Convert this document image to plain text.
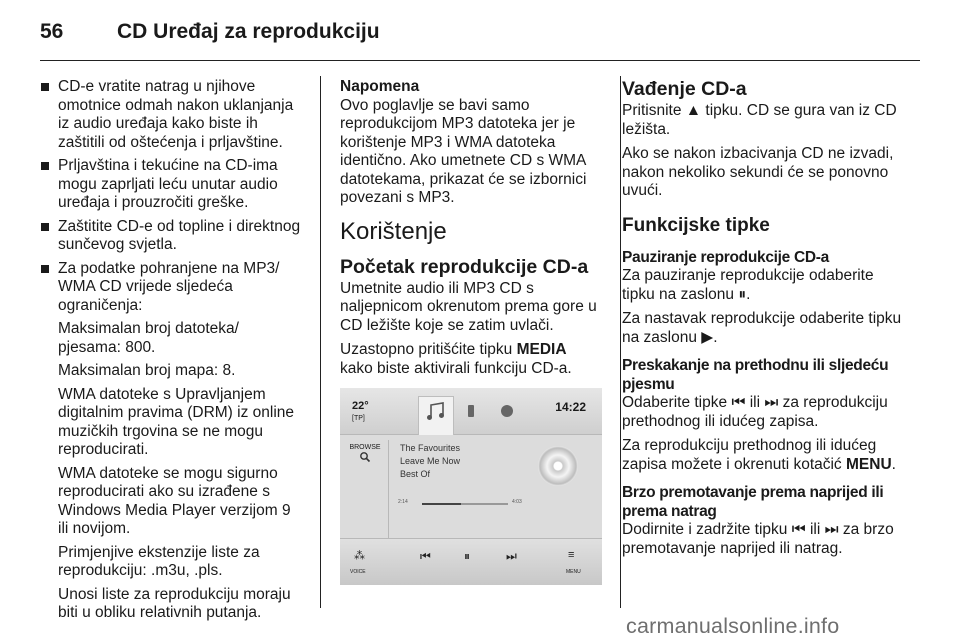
56	CD Uređaj za reprodukciju
CD-e vratite natrag u njihove omotnice odmah nakon uklanjanja iz audio uređaja kako biste ih zaštitili od oštećenja i prljavštine.
Prljavština i tekućine na CD-ima mogu zaprljati leću unutar audio uređaja i prouzročiti greške.
Zaštitite CD-e od topline i direktnog sunčevog svjetla.
Za podatke pohranjene na MP3/ WMA CD vrijede sljedeća ograničenja:

Maksimalan broj datoteka/ pjesama: 800.

Maksimalan broj mapa: 8.

WMA datoteke s Upravljanjem digitalnim pravima (DRM) iz online muzičkih trgovina se ne mogu reproducirati.

WMA datoteke se mogu sigurno reproducirati ako su izrađene s Windows Media Player verzijom 9 ili novijom.

Primjenjive ekstenzije liste za reprodukciju: .m3u, .pls.

Unosi liste za reprodukciju moraju biti u obliku relativnih putanja.

Napomena

Ovo poglavlje se bavi samo reprodukcijom MP3 datoteka jer je korištenje MP3 i WMA datoteka identično. Ako umetnete CD s WMA datotekama, prikazat će se izbornici povezani s MP3.

Korištenje
Početak reprodukcije CD-a

Umetnite audio ili MP3 CD s naljepnicom okrenutom prema gore u CD ležište koje se zatim uvlači.

Uzastopno pritišćite tipku MEDIA kako biste aktivirali funkciju CD-a.

22°
[TP]
14:22
BROWSE The Favourites
Leave Me Now
Best Of
2:14	4:03
⁂
VOICE
⏮	⏸	⏭	≡
MENU
Vađenje CD-a

Pritisnite ▲ tipku. CD se gura van iz CD ležišta.

Ako se nakon izbacivanja CD ne izvadi, nakon nekoliko sekundi će se ponovno uvući.

Funkcijske tipke
Pauziranje reprodukcije CD-a

Za pauziranje reprodukcije odaberite tipku na zaslonu ⏸.

Za nastavak reprodukcije odaberite tipku na zaslonu ▶.

Preskakanje na prethodnu ili sljedeću pjesmu

Odaberite tipke ⏮ ili ⏭ za reprodukciju prethodnog ili idućeg zapisa.

Za reprodukciju prethodnog ili idućeg zapisa možete i okrenuti kotačić MENU.

Brzo premotavanje prema naprijed ili prema natrag

Dodirnite i zadržite tipku ⏮ ili ⏭ za brzo premotavanje naprijed ili natrag.

carmanualsonline.info
